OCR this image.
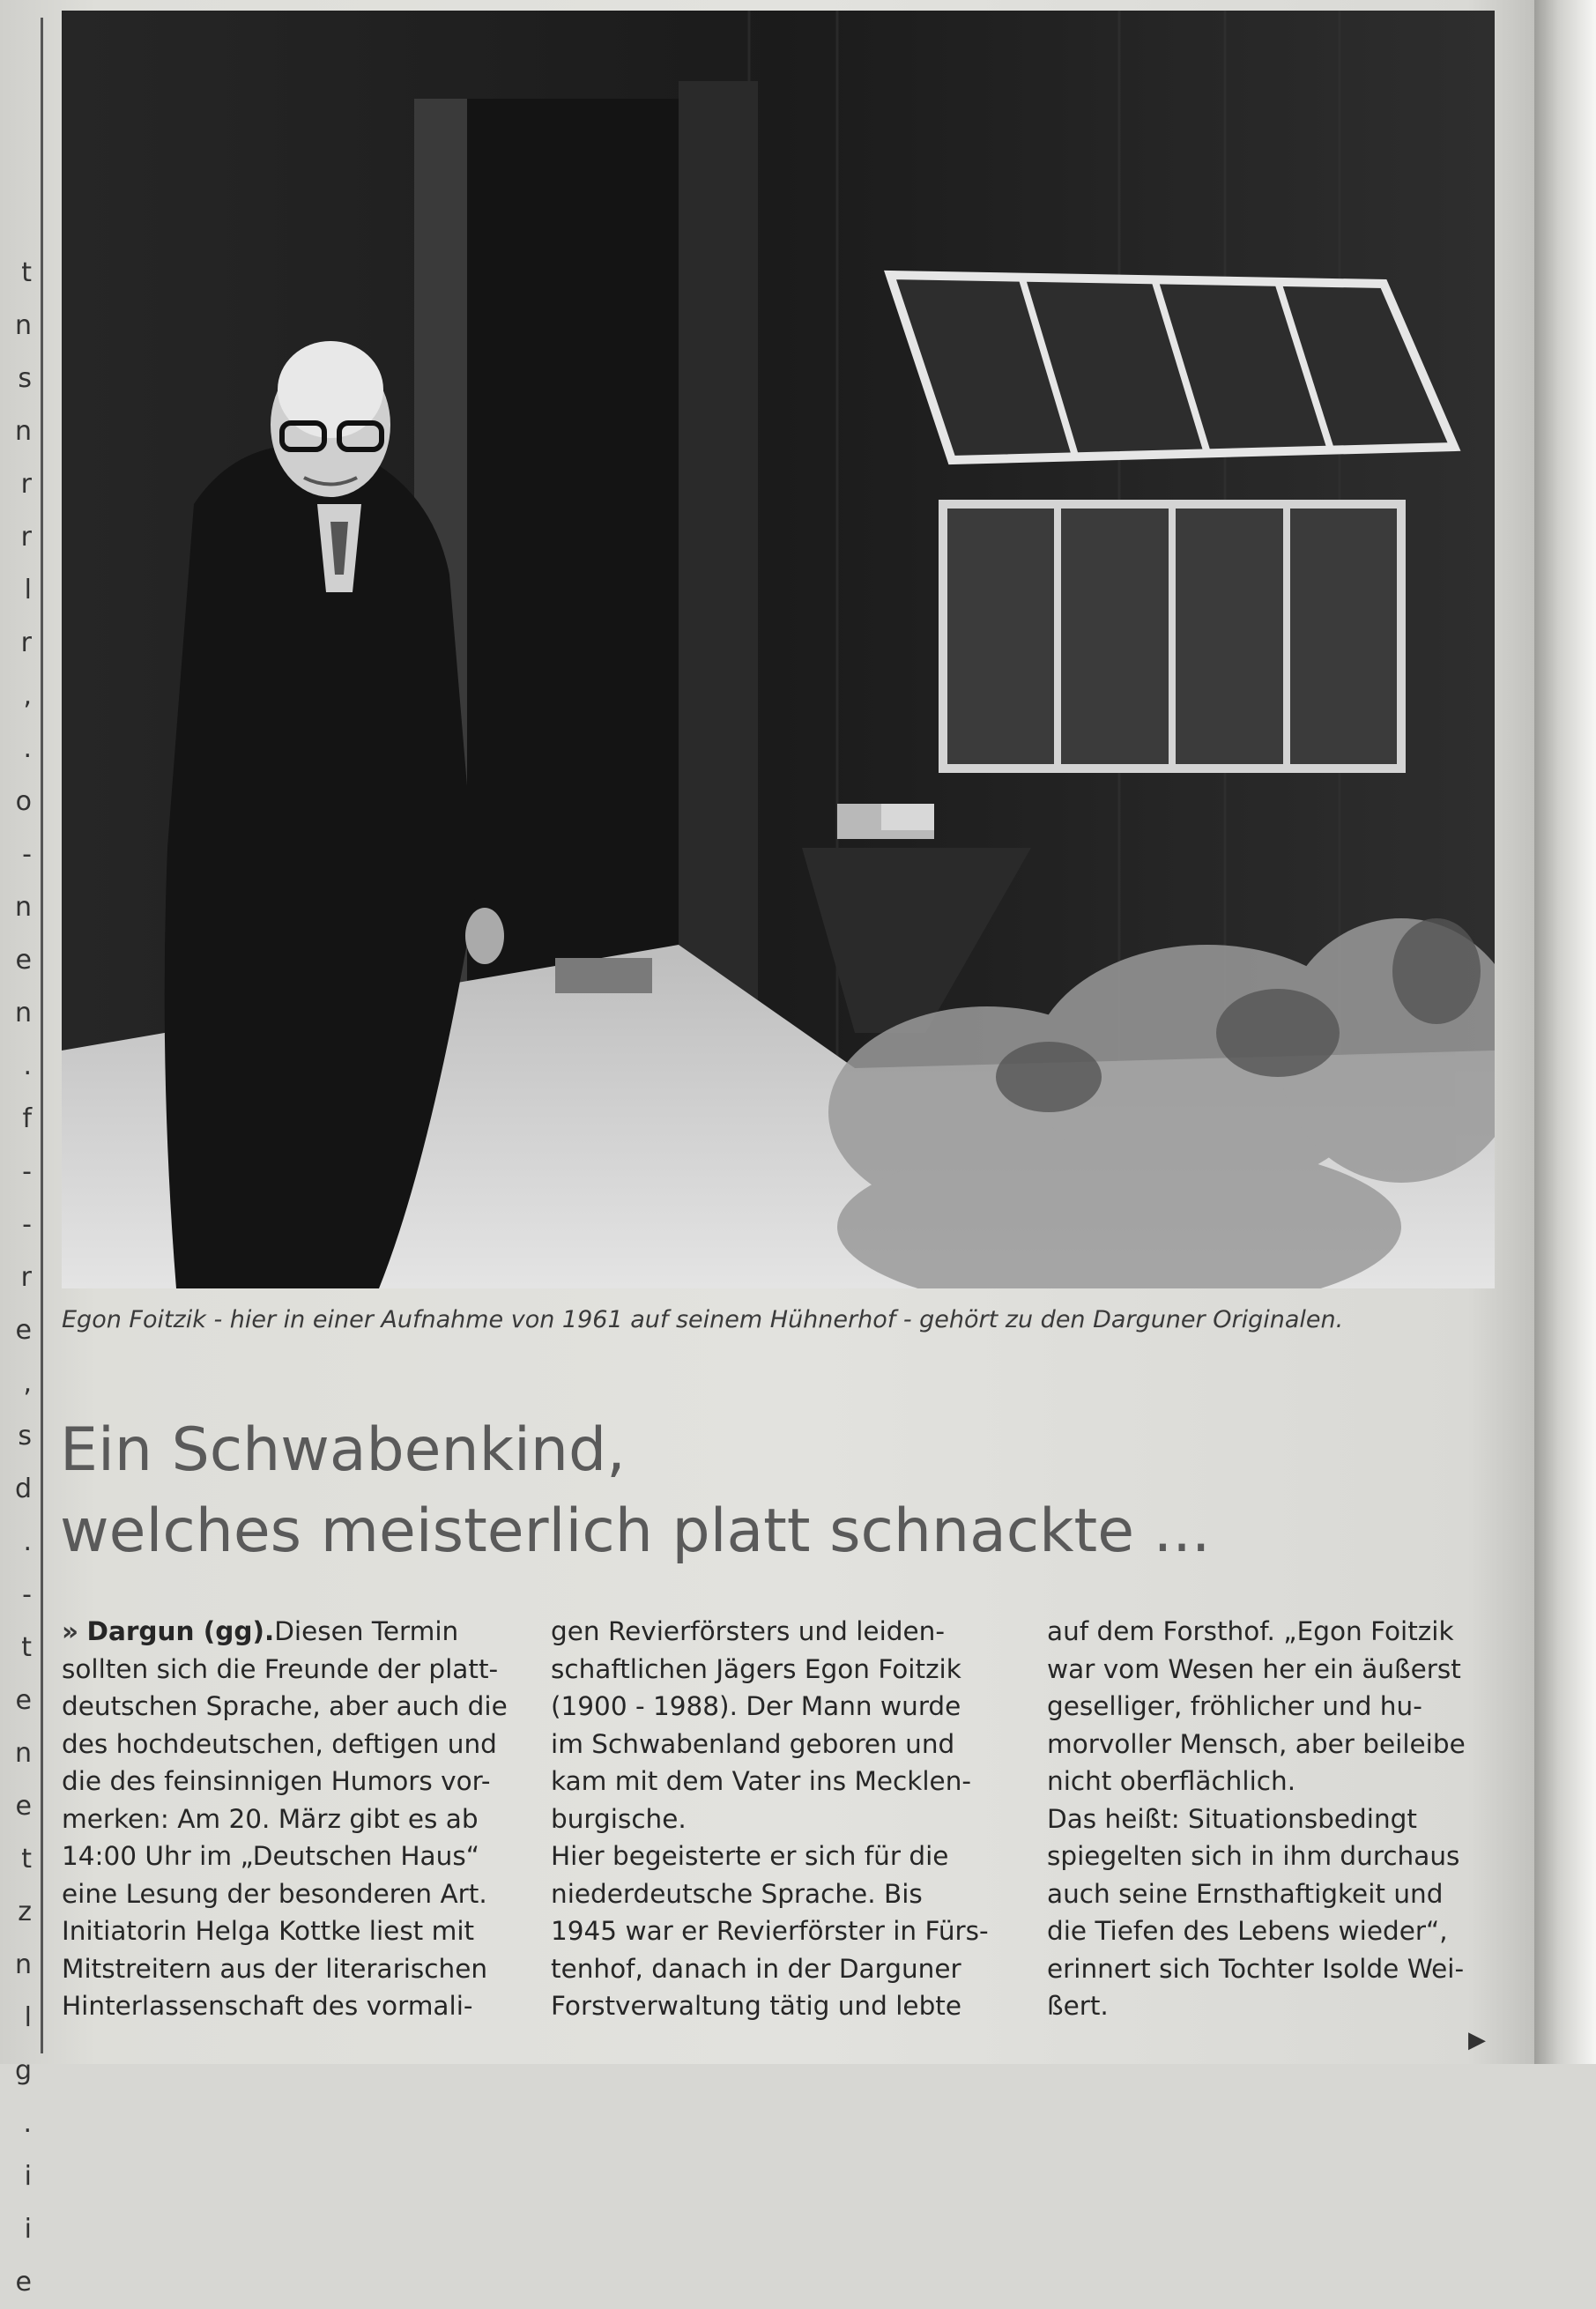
t
n
s
n
r
r
l
r
,
.
o
-
n
e
n
.
f
-
-
r
e
,
s
d
.
-
t
e
n
e
t
z
n
l
g
.
i
i
e
Egon Foitzik - hier in einer Aufnahme von 1961 auf seinem Hühnerhof - gehört zu den Darguner Originalen.
Ein Schwabenkind,
welches meisterlich platt schnackte ...
» Dargun (gg).Diesen Termin
sollten sich die Freunde der platt-
deutschen Sprache, aber auch die
des hochdeutschen, deftigen und
die des feinsinnigen Humors vor-
merken: Am 20. März gibt es ab
14:00 Uhr im „Deutschen Haus“
eine Lesung der besonderen Art.
Initiatorin Helga Kottke liest mit
Mitstreitern aus der literarischen
Hinterlassenschaft des vormali-
gen Revierförsters und leiden-
schaftlichen Jägers Egon Foitzik
(1900 - 1988). Der Mann wurde
im Schwabenland geboren und
kam mit dem Vater ins Mecklen-
burgische.
Hier begeisterte er sich für die
niederdeutsche Sprache. Bis
1945 war er Revierförster in Fürs-
tenhof, danach in der Darguner
Forstverwaltung tätig und lebte
auf dem Forsthof. „Egon Foitzik
war vom Wesen her ein äußerst
geselliger, fröhlicher und hu-
morvoller Mensch, aber beileibe
nicht oberflächlich.
Das heißt: Situationsbedingt
spiegelten sich in ihm durchaus
auch seine Ernsthaftigkeit und
die Tiefen des Lebens wieder“,
erinnert sich Tochter Isolde Wei-
ßert.
▶
